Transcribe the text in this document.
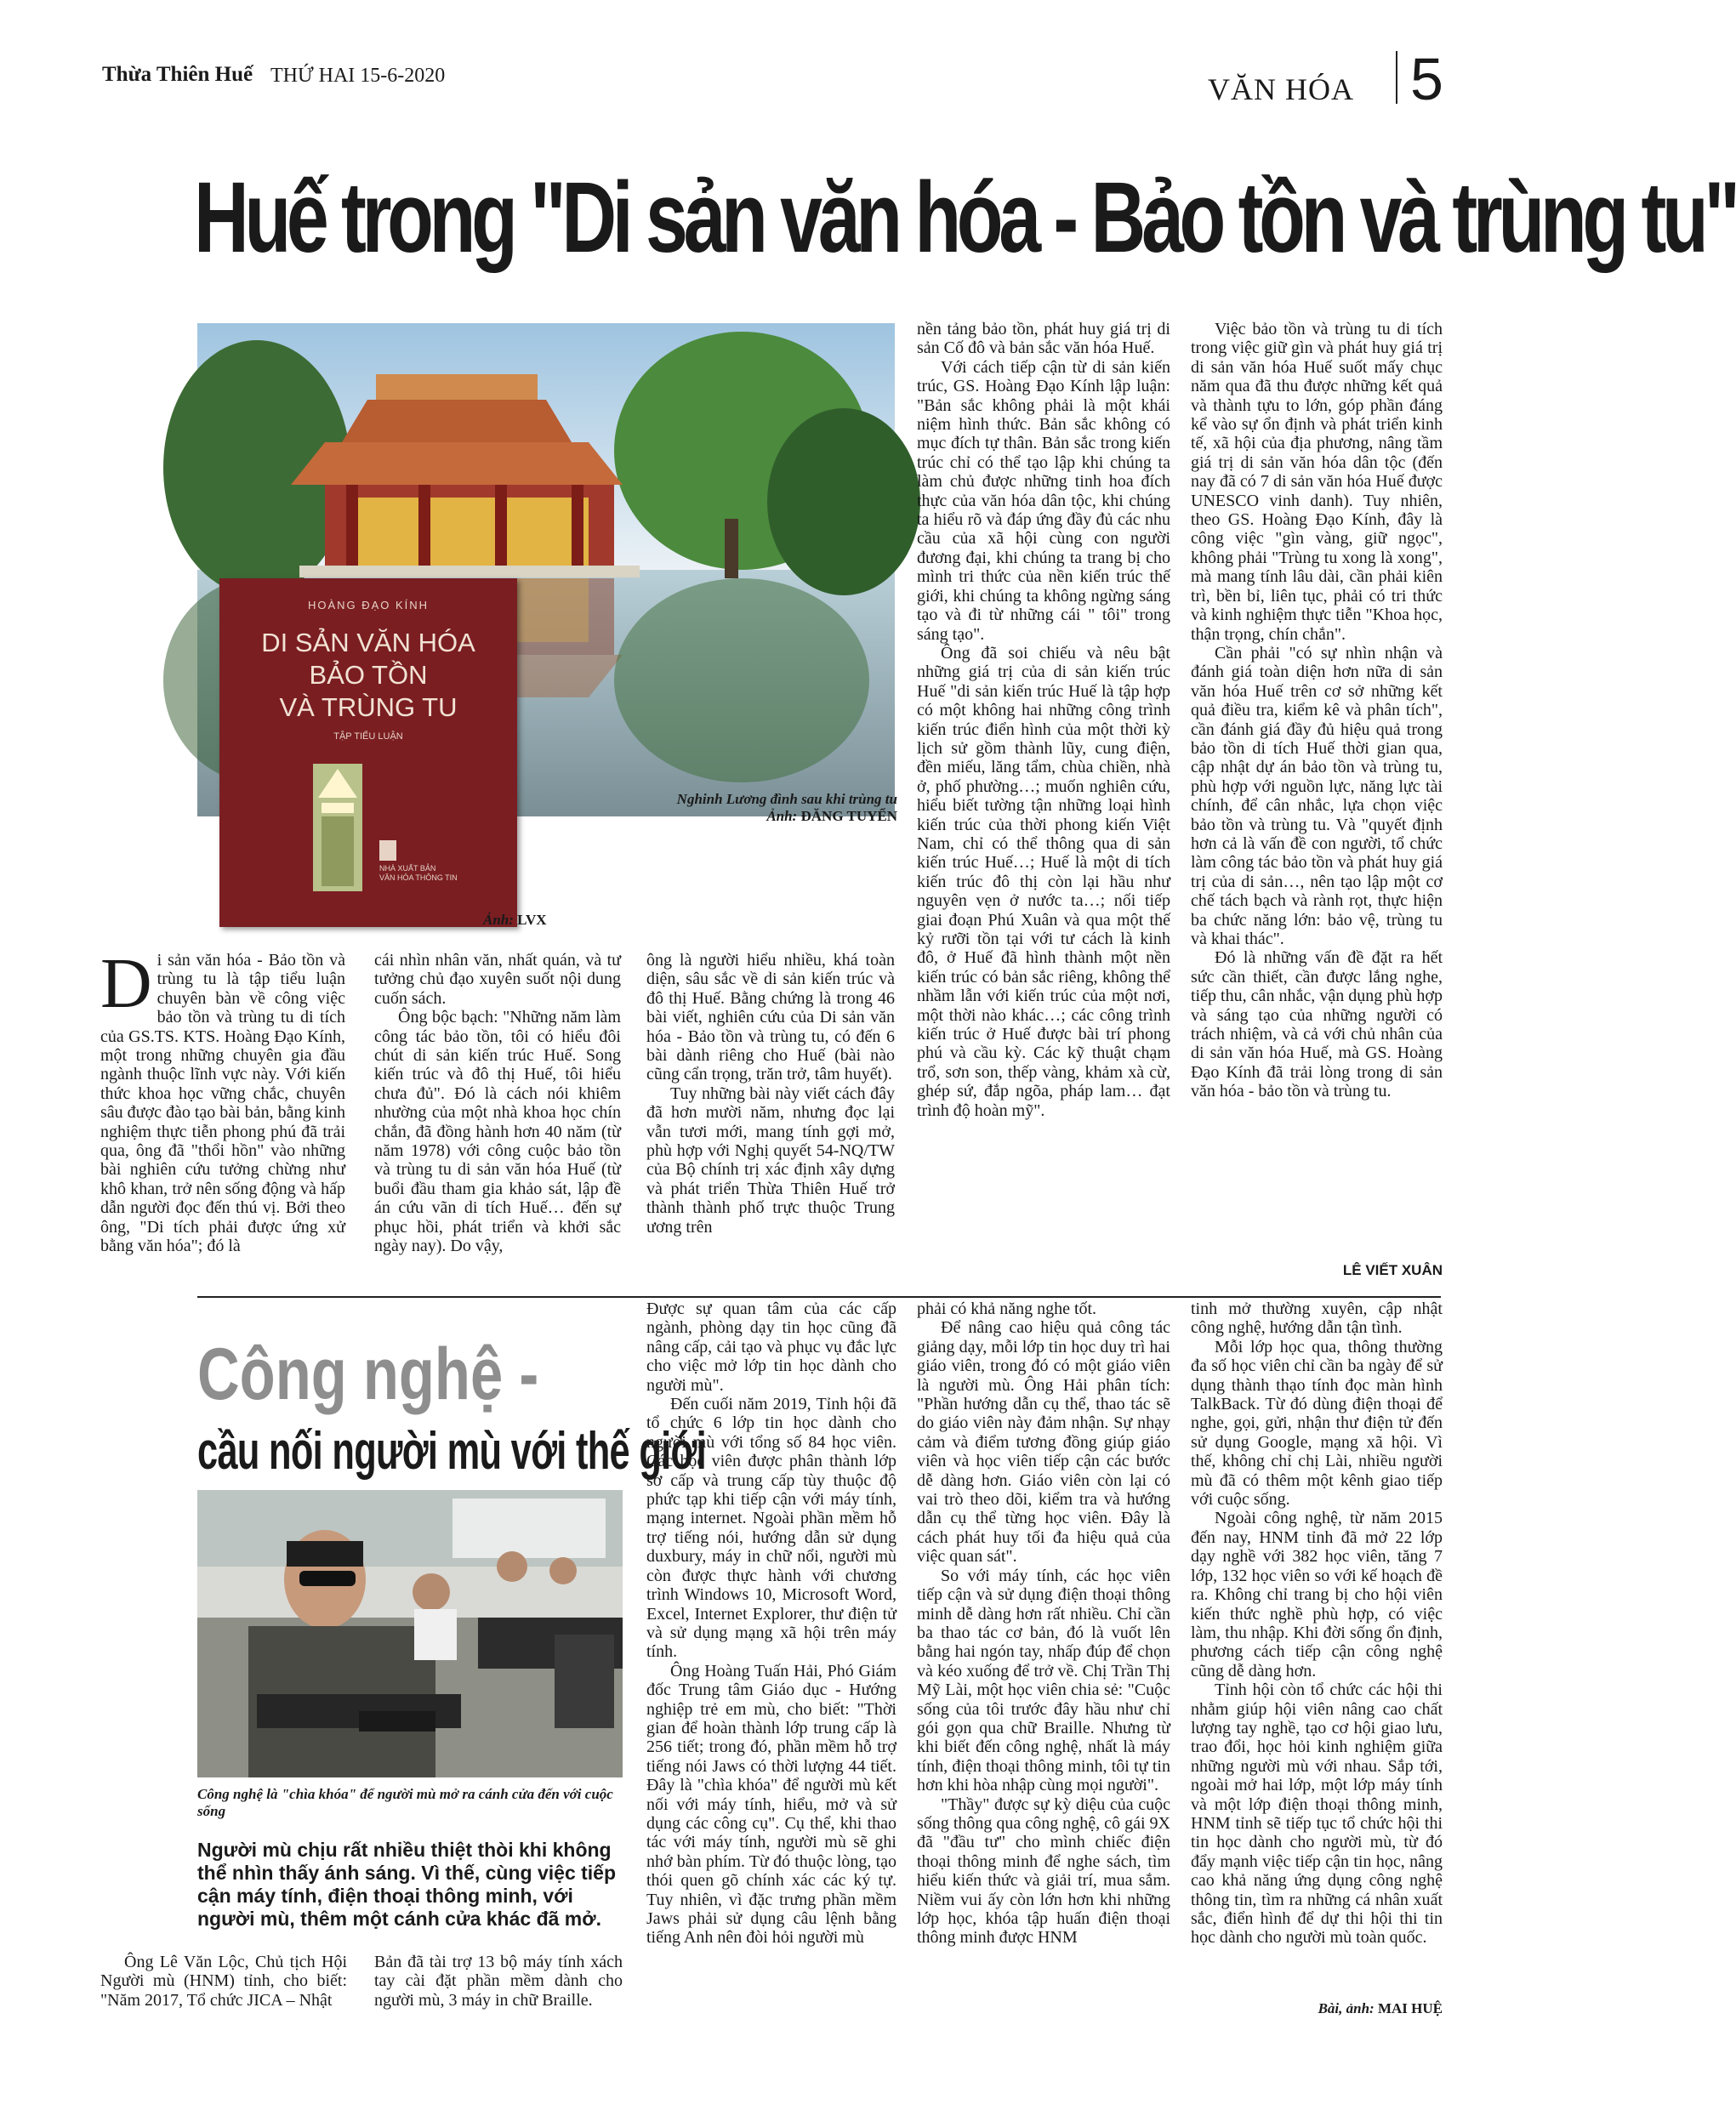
Thừa Thiên Huế THỨ HAI 15-6-2020	VĂN HÓA 5
Huế trong "Di sản văn hóa - Bảo tồn và trùng tu"
HOÀNG ĐẠO KÍNH
DI SẢN VĂN HÓA
BẢO TỒN
VÀ TRÙNG TU
TẬP TIỂU LUẬN
NHÀ XUẤT BẢN
VĂN HÓA THÔNG TIN
Nghinh Lương đình sau khi trùng tu
Ảnh: ĐĂNG TUYỂN
Ảnh: LVX

Di sản văn hóa - Bảo tồn và trùng tu là tập tiểu luận chuyên bàn về công việc bảo tồn và trùng tu di tích của GS.TS. KTS. Hoàng Đạo Kính, một trong những chuyên gia đầu ngành thuộc lĩnh vực này. Với kiến thức khoa học vững chắc, chuyên sâu được đào tạo bài bản, bằng kinh nghiệm thực tiễn phong phú đã trải qua, ông đã "thổi hồn" vào những bài nghiên cứu tưởng chừng như khô khan, trở nên sống động và hấp dẫn người đọc đến thú vị. Bởi theo ông, "Di tích phải được ứng xử bằng văn hóa"; đó là

cái nhìn nhân văn, nhất quán, và tư tưởng chủ đạo xuyên suốt nội dung cuốn sách.

Ông bộc bạch: "Những năm làm công tác bảo tồn, tôi có hiểu đôi chút di sản kiến trúc Huế. Song kiến trúc và đô thị Huế, tôi hiểu chưa đủ". Đó là cách nói khiêm nhường của một nhà khoa học chín chắn, đã đồng hành hơn 40 năm (từ năm 1978) với công cuộc bảo tồn và trùng tu di sản văn hóa Huế (từ buổi đầu tham gia khảo sát, lập đề án cứu vãn di tích Huế… đến sự phục hồi, phát triển và khởi sắc ngày nay). Do vậy,

ông là người hiểu nhiều, khá toàn diện, sâu sắc về di sản kiến trúc và đô thị Huế. Bằng chứng là trong 46 bài viết, nghiên cứu của Di sản văn hóa - Bảo tồn và trùng tu, có đến 6 bài dành riêng cho Huế (bài nào cũng cẩn trọng, trăn trở, tâm huyết).

Tuy những bài này viết cách đây đã hơn mười năm, nhưng đọc lại vẫn tươi mới, mang tính gợi mở, phù hợp với Nghị quyết 54-NQ/TW của Bộ chính trị xác định xây dựng và phát triển Thừa Thiên Huế trở thành thành phố trực thuộc Trung ương trên

nền tảng bảo tồn, phát huy giá trị di sản Cố đô và bản sắc văn hóa Huế.

Với cách tiếp cận từ di sản kiến trúc, GS. Hoàng Đạo Kính lập luận: "Bản sắc không phải là một khái niệm hình thức. Bản sắc không có mục đích tự thân. Bản sắc trong kiến trúc chỉ có thể tạo lập khi chúng ta làm chủ được những tinh hoa đích thực của văn hóa dân tộc, khi chúng ta hiểu rõ và đáp ứng đầy đủ các nhu cầu của xã hội cùng con người đương đại, khi chúng ta trang bị cho mình tri thức của nền kiến trúc thế giới, khi chúng ta không ngừng sáng tạo và đi từ những cái " tôi" trong sáng tạo".

Ông đã soi chiếu và nêu bật những giá trị của di sản kiến trúc Huế "di sản kiến trúc Huế là tập hợp có một không hai những công trình kiến trúc điển hình của một thời kỳ lịch sử gồm thành lũy, cung điện, đền miếu, lăng tẩm, chùa chiền, nhà ở, phố phường…; muốn nghiên cứu, hiểu biết tường tận những loại hình kiến trúc của thời phong kiến Việt Nam, chỉ có thể thông qua di sản kiến trúc Huế…; Huế là một di tích kiến trúc đô thị còn lại hầu như nguyên vẹn ở nước ta…; nối tiếp giai đoạn Phú Xuân và qua một thế kỷ rưỡi tồn tại với tư cách là kinh đô, ở Huế đã hình thành một nền kiến trúc có bản sắc riêng, không thể nhầm lẫn với kiến trúc của một nơi, một thời nào khác…; các công trình kiến trúc ở Huế được bài trí phong phú và cầu kỳ. Các kỹ thuật chạm trổ, sơn son, thếp vàng, khảm xà cừ, ghép sứ, đắp ngõa, pháp lam… đạt trình độ hoàn mỹ".

Việc bảo tồn và trùng tu di tích trong việc giữ gìn và phát huy giá trị di sản văn hóa Huế suốt mấy chục năm qua đã thu được những kết quả và thành tựu to lớn, góp phần đáng kể vào sự ổn định và phát triển kinh tế, xã hội của địa phương, nâng tầm giá trị di sản văn hóa dân tộc (đến nay đã có 7 di sản văn hóa Huế được UNESCO vinh danh). Tuy nhiên, theo GS. Hoàng Đạo Kính, đây là công việc "gìn vàng, giữ ngọc", không phải "Trùng tu xong là xong", mà mang tính lâu dài, cần phải kiên trì, bền bỉ, liên tục, phải có tri thức và kinh nghiệm thực tiễn "Khoa học, thận trọng, chín chắn".

Cần phải "có sự nhìn nhận và đánh giá toàn diện hơn nữa di sản văn hóa Huế trên cơ sở những kết quả điều tra, kiểm kê và phân tích", cần đánh giá đầy đủ hiệu quả trong bảo tồn di tích Huế thời gian qua, cập nhật dự án bảo tồn và trùng tu, phù hợp với nguồn lực, năng lực tài chính, để cân nhắc, lựa chọn việc bảo tồn và trùng tu. Và "quyết định hơn cả là vấn đề con người, tổ chức làm công tác bảo tồn và phát huy giá trị của di sản…, nên tạo lập một cơ chế tách bạch và rành rọt, thực hiện ba chức năng lớn: bảo vệ, trùng tu và khai thác".

Đó là những vấn đề đặt ra hết sức cần thiết, cần được lắng nghe, tiếp thu, cân nhắc, vận dụng phù hợp và sáng tạo của những người có trách nhiệm, và cả với chủ nhân của di sản văn hóa Huế, mà GS. Hoàng Đạo Kính đã trải lòng trong di sản văn hóa - bảo tồn và trùng tu.

LÊ VIẾT XUÂN
Công nghệ -
cầu nối người mù với thế giới
Công nghệ là "chìa khóa" để người mù mở ra cánh cửa đến với cuộc sống
Người mù chịu rất nhiều thiệt thòi khi không thể nhìn thấy ánh sáng. Vì thế, cùng việc tiếp cận máy tính, điện thoại thông minh, với người mù, thêm một cánh cửa khác đã mở.

Ông Lê Văn Lộc, Chủ tịch Hội Người mù (HNM) tỉnh, cho biết: "Năm 2017, Tổ chức JICA – Nhật

Bản đã tài trợ 13 bộ máy tính xách tay cài đặt phần mềm dành cho người mù, 3 máy in chữ Braille.

Được sự quan tâm của các cấp ngành, phòng dạy tin học cũng đã nâng cấp, cải tạo và phục vụ đắc lực cho việc mở lớp tin học dành cho người mù".

Đến cuối năm 2019, Tỉnh hội đã tổ chức 6 lớp tin học dành cho người mù với tổng số 84 học viên. Các học viên được phân thành lớp sơ cấp và trung cấp tùy thuộc độ phức tạp khi tiếp cận với máy tính, mạng internet. Ngoài phần mềm hỗ trợ tiếng nói, hướng dẫn sử dụng duxbury, máy in chữ nổi, người mù còn được thực hành với chương trình Windows 10, Microsoft Word, Excel, Internet Explorer, thư điện tử và sử dụng mạng xã hội trên máy tính.

Ông Hoàng Tuấn Hải, Phó Giám đốc Trung tâm Giáo dục - Hướng nghiệp trẻ em mù, cho biết: "Thời gian để hoàn thành lớp trung cấp là 256 tiết; trong đó, phần mềm hỗ trợ tiếng nói Jaws có thời lượng 44 tiết. Đây là "chìa khóa" để người mù kết nối với máy tính, hiểu, mở và sử dụng các công cụ". Cụ thể, khi thao tác với máy tính, người mù sẽ ghi nhớ bàn phím. Từ đó thuộc lòng, tạo thói quen gõ chính xác các ký tự. Tuy nhiên, vì đặc trưng phần mềm Jaws phải sử dụng câu lệnh bằng tiếng Anh nên đòi hỏi người mù

phải có khả năng nghe tốt.

Để nâng cao hiệu quả công tác giảng dạy, mỗi lớp tin học duy trì hai giáo viên, trong đó có một giáo viên là người mù. Ông Hải phân tích: "Phần hướng dẫn cụ thể, thao tác sẽ do giáo viên này đảm nhận. Sự nhạy cảm và điểm tương đồng giúp giáo viên và học viên tiếp cận các bước dễ dàng hơn. Giáo viên còn lại có vai trò theo dõi, kiểm tra và hướng dẫn cụ thể từng học viên. Đây là cách phát huy tối đa hiệu quả của việc quan sát".

So với máy tính, các học viên tiếp cận và sử dụng điện thoại thông minh dễ dàng hơn rất nhiều. Chỉ cần ba thao tác cơ bản, đó là vuốt lên bằng hai ngón tay, nhấp đúp để chọn và kéo xuống để trở về. Chị Trần Thị Mỹ Lài, một học viên chia sẻ: "Cuộc sống của tôi trước đây hầu như chỉ gói gọn qua chữ Braille. Nhưng từ khi biết đến công nghệ, nhất là máy tính, điện thoại thông minh, tôi tự tin hơn khi hòa nhập cùng mọi người".

"Thầy" được sự kỳ diệu của cuộc sống thông qua công nghệ, cô gái 9X đã "đầu tư" cho mình chiếc điện thoại thông minh để nghe sách, tìm hiểu kiến thức và giải trí, mua sắm. Niềm vui ấy còn lớn hơn khi những lớp học, khóa tập huấn điện thoại thông minh được HNM

tinh mở thường xuyên, cập nhật công nghệ, hướng dẫn tận tình.

Mỗi lớp học qua, thông thường đa số học viên chỉ cần ba ngày để sử dụng thành thạo tính đọc màn hình TalkBack. Từ đó dùng điện thoại để nghe, gọi, gửi, nhận thư điện tử đến sử dụng Google, mạng xã hội. Vì thế, không chỉ chị Lài, nhiều người mù đã có thêm một kênh giao tiếp với cuộc sống.

Ngoài công nghệ, từ năm 2015 đến nay, HNM tỉnh đã mở 22 lớp dạy nghề với 382 học viên, tăng 7 lớp, 132 học viên so với kế hoạch đề ra. Không chỉ trang bị cho hội viên kiến thức nghề phù hợp, có việc làm, thu nhập. Khi đời sống ổn định, phương cách tiếp cận công nghệ cũng dễ dàng hơn.

Tỉnh hội còn tổ chức các hội thi nhằm giúp hội viên nâng cao chất lượng tay nghề, tạo cơ hội giao lưu, trao đổi, học hỏi kinh nghiệm giữa những người mù với nhau. Sắp tới, ngoài mở hai lớp, một lớp máy tính và một lớp điện thoại thông minh, HNM tỉnh sẽ tiếp tục tổ chức hội thi tin học dành cho người mù, từ đó đẩy mạnh việc tiếp cận tin học, nâng cao khả năng ứng dụng công nghệ thông tin, tìm ra những cá nhân xuất sắc, điển hình để dự thi hội thi tin học dành cho người mù toàn quốc.

Bài, ảnh: MAI HUỆ
